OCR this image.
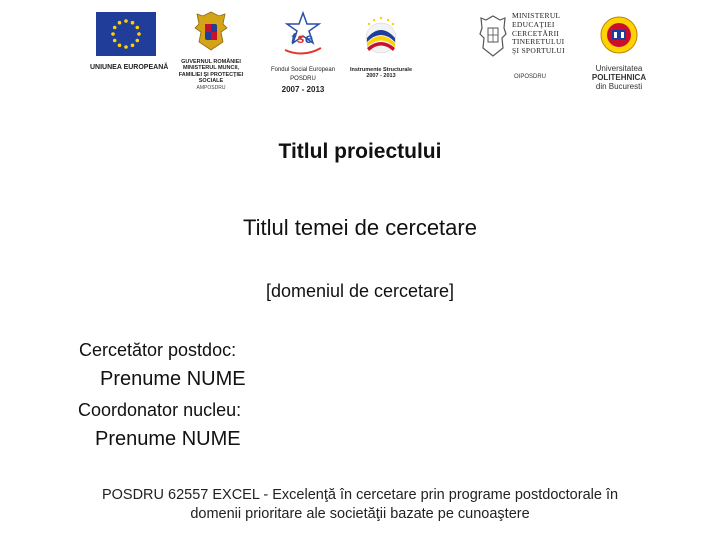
UNIUNEA EUROPEANĂ
GUVERNUL ROMÂNIEI MINISTERUL MUNCII, FAMILIEI ŞI PROTECŢIEI SOCIALE
AMPOSDRU
f s e
Fondul Social European
POSDRU
2007 - 2013
Instrumente Structurale 2007 - 2013
MINISTERUL
EDUCAŢIEI
CERCETĂRII
TINERETULUI
ŞI SPORTULUI
OIPOSDRU
Universitatea
POLITEHNICA
din Bucuresti
Titlul proiectului
Titlul temei de cercetare
[domeniul de cercetare]
Cercetător postdoc:
Prenume NUME
Coordonator nucleu:
Prenume NUME
POSDRU 62557 EXCEL - Excelenţă în cercetare prin programe postdoctorale în
domenii prioritare ale societăţii bazate pe cunoaştere
